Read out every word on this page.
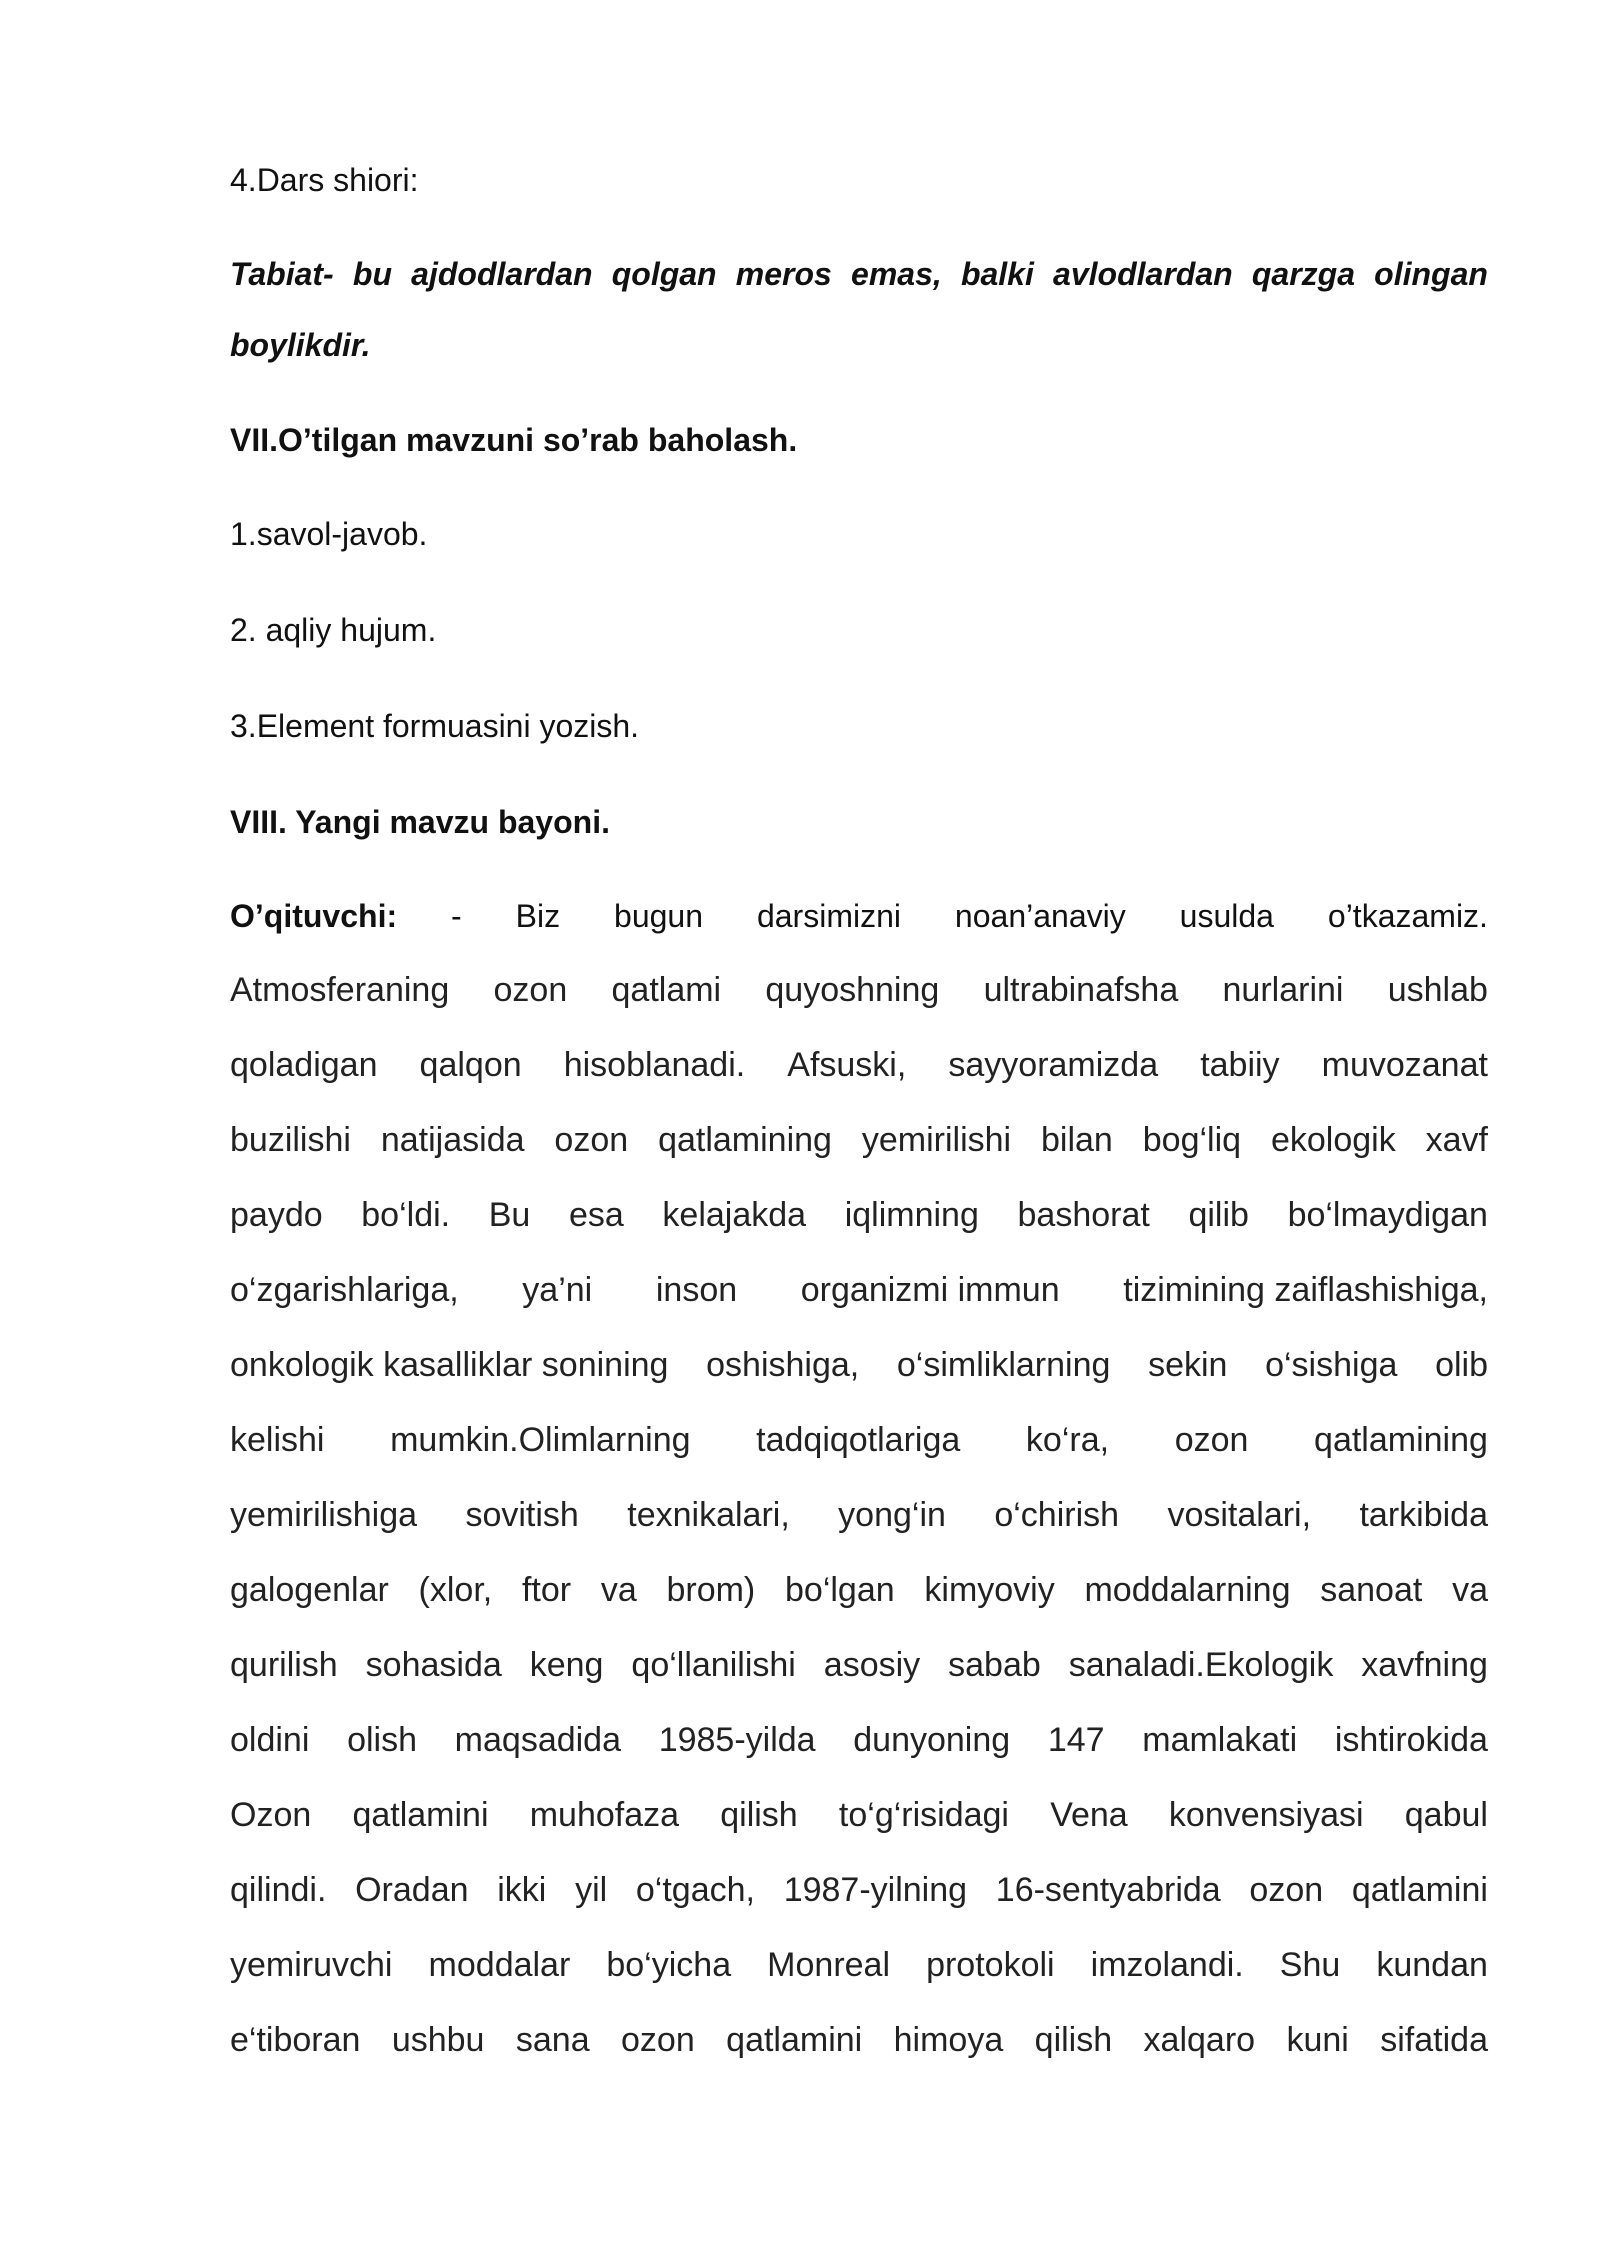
4.Dars shiori:
Tabiat- bu ajdodlardan qolgan meros emas, balki avlodlardan qarzga olingan
boylikdir.
VII.O’tilgan mavzuni so’rab baholash.
1.savol-javob.
2. aqliy hujum.
3.Element formuasini yozish.
VIII. Yangi mavzu bayoni.
O’qituvchi: - Biz bugun darsimizni noan’anaviy usulda o’tkazamiz.
Atmosferaning ozon qatlami quyoshning ultrabinafsha nurlarini ushlab
qoladigan qalqon hisoblanadi. Afsuski, sayyoramizda tabiiy muvozanat
buzilishi natijasida ozon qatlamining yemirilishi bilan bog‘liq ekologik xavf
paydo bo‘ldi. Bu esa kelajakda iqlimning bashorat qilib bo‘lmaydigan
o‘zgarishlariga, ya’ni inson organizmi immun tizimining zaiflashishiga,
onkologik kasalliklar sonining oshishiga, o‘simliklarning sekin o‘sishiga olib
kelishi mumkin.Olimlarning tadqiqotlariga ko‘ra, ozon qatlamining
yemirilishiga sovitish texnikalari, yong‘in o‘chirish vositalari, tarkibida
galogenlar (xlor, ftor va brom) bo‘lgan kimyoviy moddalarning sanoat va
qurilish sohasida keng qo‘llanilishi asosiy sabab sanaladi.Ekologik xavfning
oldini olish maqsadida 1985-yilda dunyoning 147 mamlakati ishtirokida
Ozon qatlamini muhofaza qilish to‘g‘risidagi Vena konvensiyasi qabul
qilindi. Oradan ikki yil o‘tgach, 1987-yilning 16-sentyabrida ozon qatlamini
yemiruvchi moddalar bo‘yicha Monreal protokoli imzolandi. Shu kundan
e‘tiboran ushbu sana ozon qatlamini himoya qilish xalqaro kuni sifatida
